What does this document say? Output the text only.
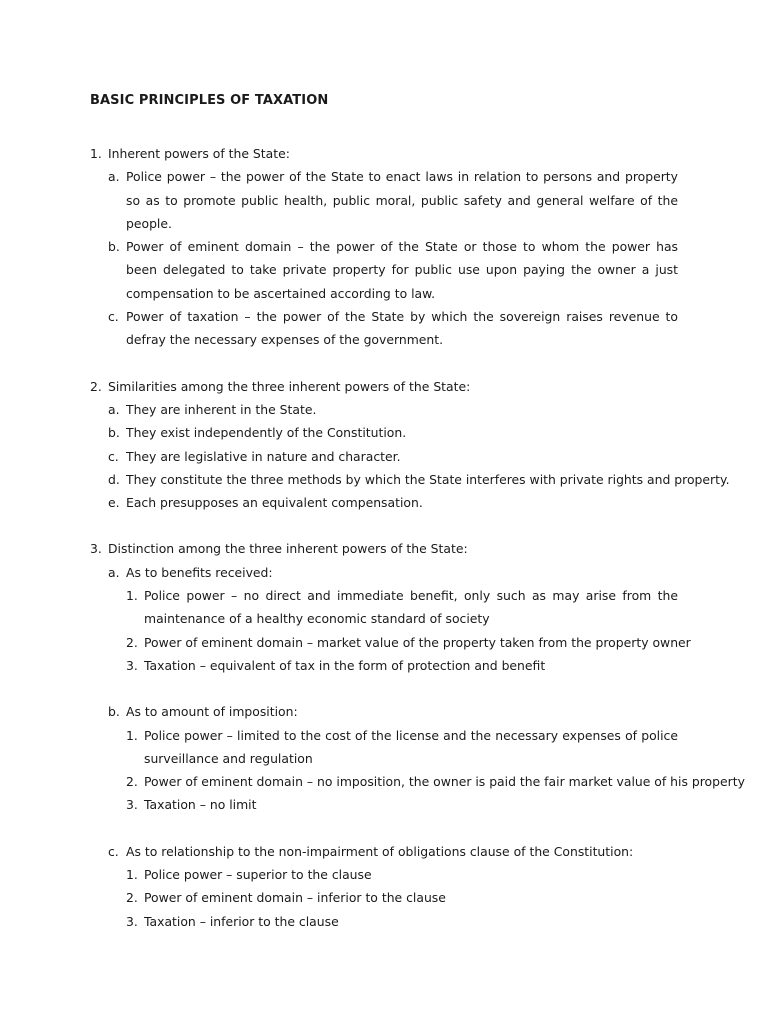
BASIC PRINCIPLES OF TAXATION
1. Inherent powers of the State:
a. Police power – the power of the State to enact laws in relation to persons and property so as to promote public health, public moral, public safety and general welfare of the people.
b. Power of eminent domain – the power of the State or those to whom the power has been delegated to take private property for public use upon paying the owner a just compensation to be ascertained according to law.
c. Power of taxation – the power of the State by which the sovereign raises revenue to defray the necessary expenses of the government.
2. Similarities among the three inherent powers of the State:
a. They are inherent in the State.
b. They exist independently of the Constitution.
c. They are legislative in nature and character.
d. They constitute the three methods by which the State interferes with private rights and property.
e. Each presupposes an equivalent compensation.
3. Distinction among the three inherent powers of the State:
a. As to benefits received:
1. Police power – no direct and immediate benefit, only such as may arise from the maintenance of a healthy economic standard of society
2. Power of eminent domain – market value of the property taken from the property owner
3. Taxation – equivalent of tax in the form of protection and benefit
b. As to amount of imposition:
1. Police power – limited to the cost of the license and the necessary expenses of police surveillance and regulation
2. Power of eminent domain – no imposition, the owner is paid the fair market value of his property
3. Taxation – no limit
c. As to relationship to the non-impairment of obligations clause of the Constitution:
1. Police power – superior to the clause
2. Power of eminent domain – inferior to the clause
3. Taxation – inferior to the clause
